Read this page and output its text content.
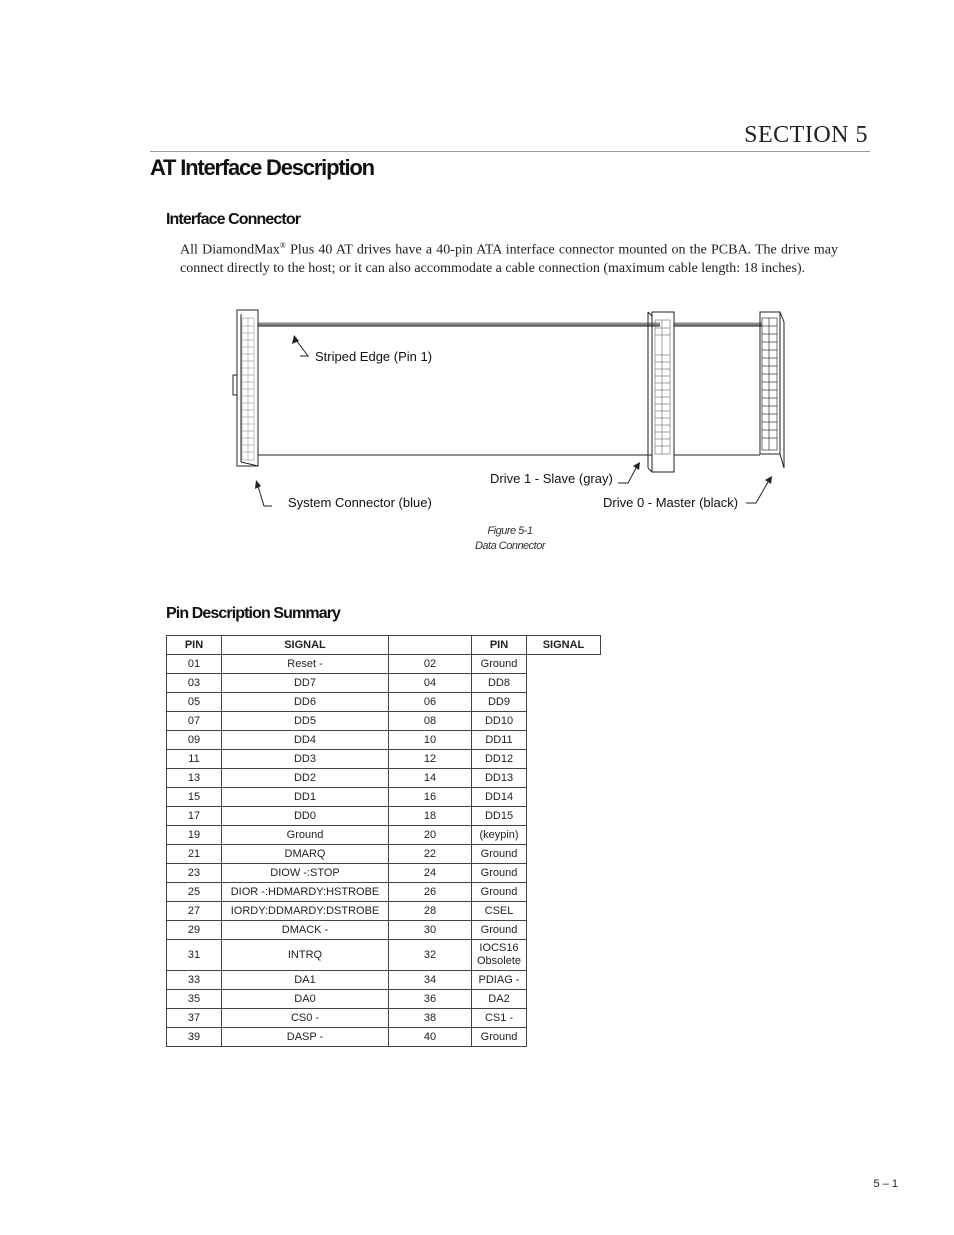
SECTION 5
AT Interface Description
Interface Connector

All DiamondMax® Plus 40 AT drives have a 40-pin ATA interface connector mounted on the PCBA. The drive may connect directly to the host; or it can also accommodate a cable connection (maximum cable length: 18 inches).

Striped Edge (Pin 1)
Drive 1 - Slave (gray)
System Connector (blue)	Drive 0 - Master (black)
Figure 5-1
Data Connector
Pin Description Summary
PIN	SIGNAL		PIN	SIGNAL
01	Reset -	02	Ground	
03	DD7	04	DD8	
05	DD6	06	DD9	
07	DD5	08	DD10	
09	DD4	10	DD11	
11	DD3	12	DD12	
13	DD2	14	DD13	
15	DD1	16	DD14	
17	DD0	18	DD15	
19	Ground	20	(keypin)	
21	DMARQ	22	Ground	
23	DIOW -:STOP	24	Ground	
25	DIOR -:HDMARDY:HSTROBE	26	Ground	
27	IORDY:DDMARDY:DSTROBE	28	CSEL	
29	DMACK -	30	Ground	
31	INTRQ	32	IOCS16
Obsolete	

33	DA1	34	PDIAG -	
35	DA0	36	DA2	
37	CS0 -	38	CS1 -	
39	DASP -	40	Ground	
5 – 1
